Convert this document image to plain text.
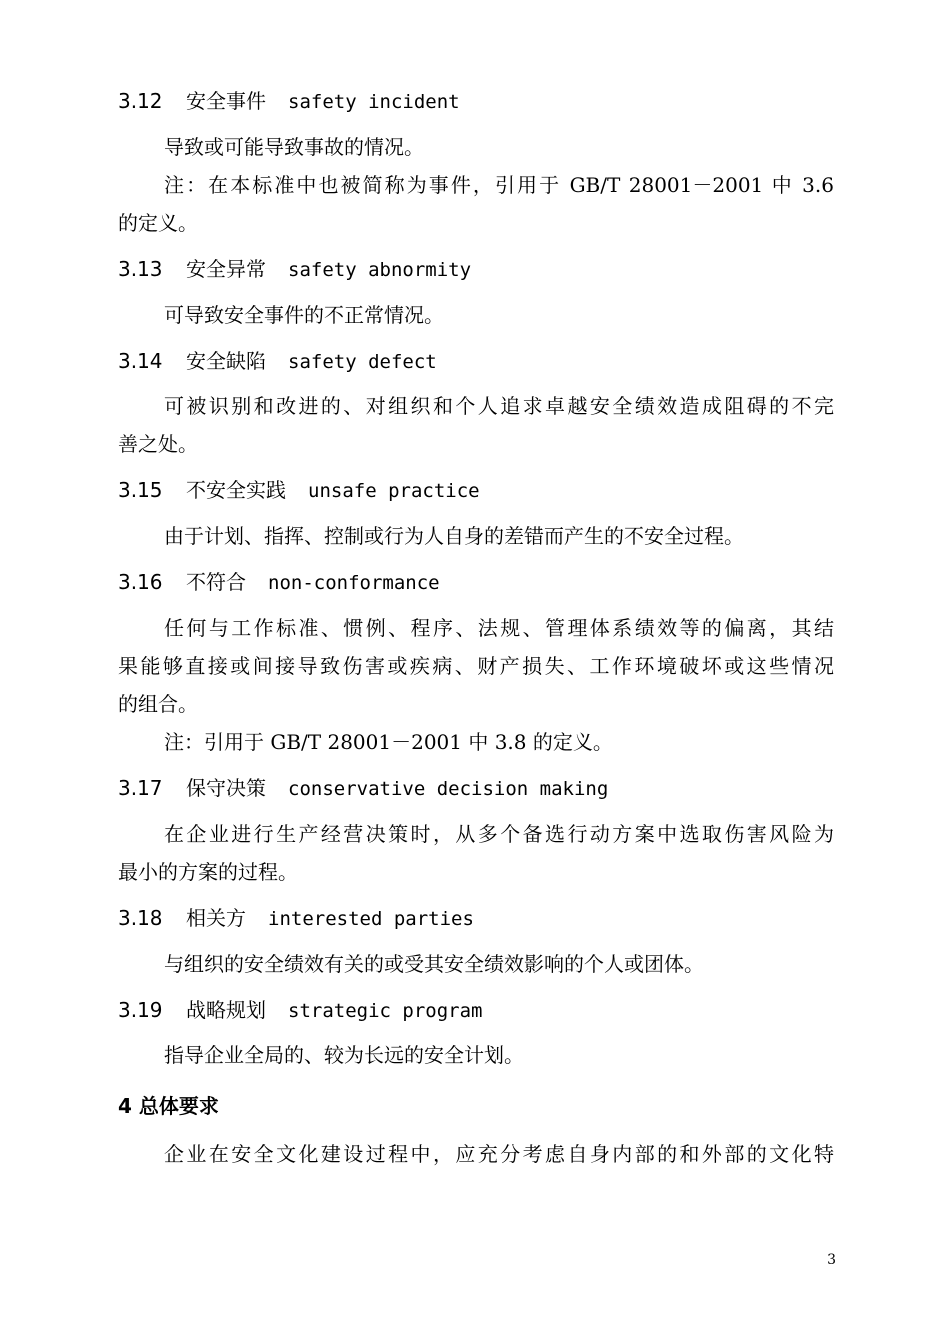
3.12 安全事件 safety incident
导致或可能导致事故的情况。
注：在本标准中也被简称为事件，引用于 GB/T 28001－2001 中 3.6
的定义。
3.13 安全异常 safety abnormity
可导致安全事件的不正常情况。
3.14 安全缺陷 safety defect
可被识别和改进的、对组织和个人追求卓越安全绩效造成阻碍的不完
善之处。
3.15 不安全实践 unsafe practice
由于计划、指挥、控制或行为人自身的差错而产生的不安全过程。
3.16 不符合 non-conformance
任何与工作标准、惯例、程序、法规、管理体系绩效等的偏离，其结
果能够直接或间接导致伤害或疾病、财产损失、工作环境破坏或这些情况
的组合。
注：引用于 GB/T 28001－2001 中 3.8 的定义。
3.17 保守决策 conservative decision making
在企业进行生产经营决策时，从多个备选行动方案中选取伤害风险为
最小的方案的过程。
3.18 相关方 interested parties
与组织的安全绩效有关的或受其安全绩效影响的个人或团体。
3.19 战略规划 strategic program
指导企业全局的、较为长远的安全计划。
4 总体要求
企业在安全文化建设过程中，应充分考虑自身内部的和外部的文化特
3
